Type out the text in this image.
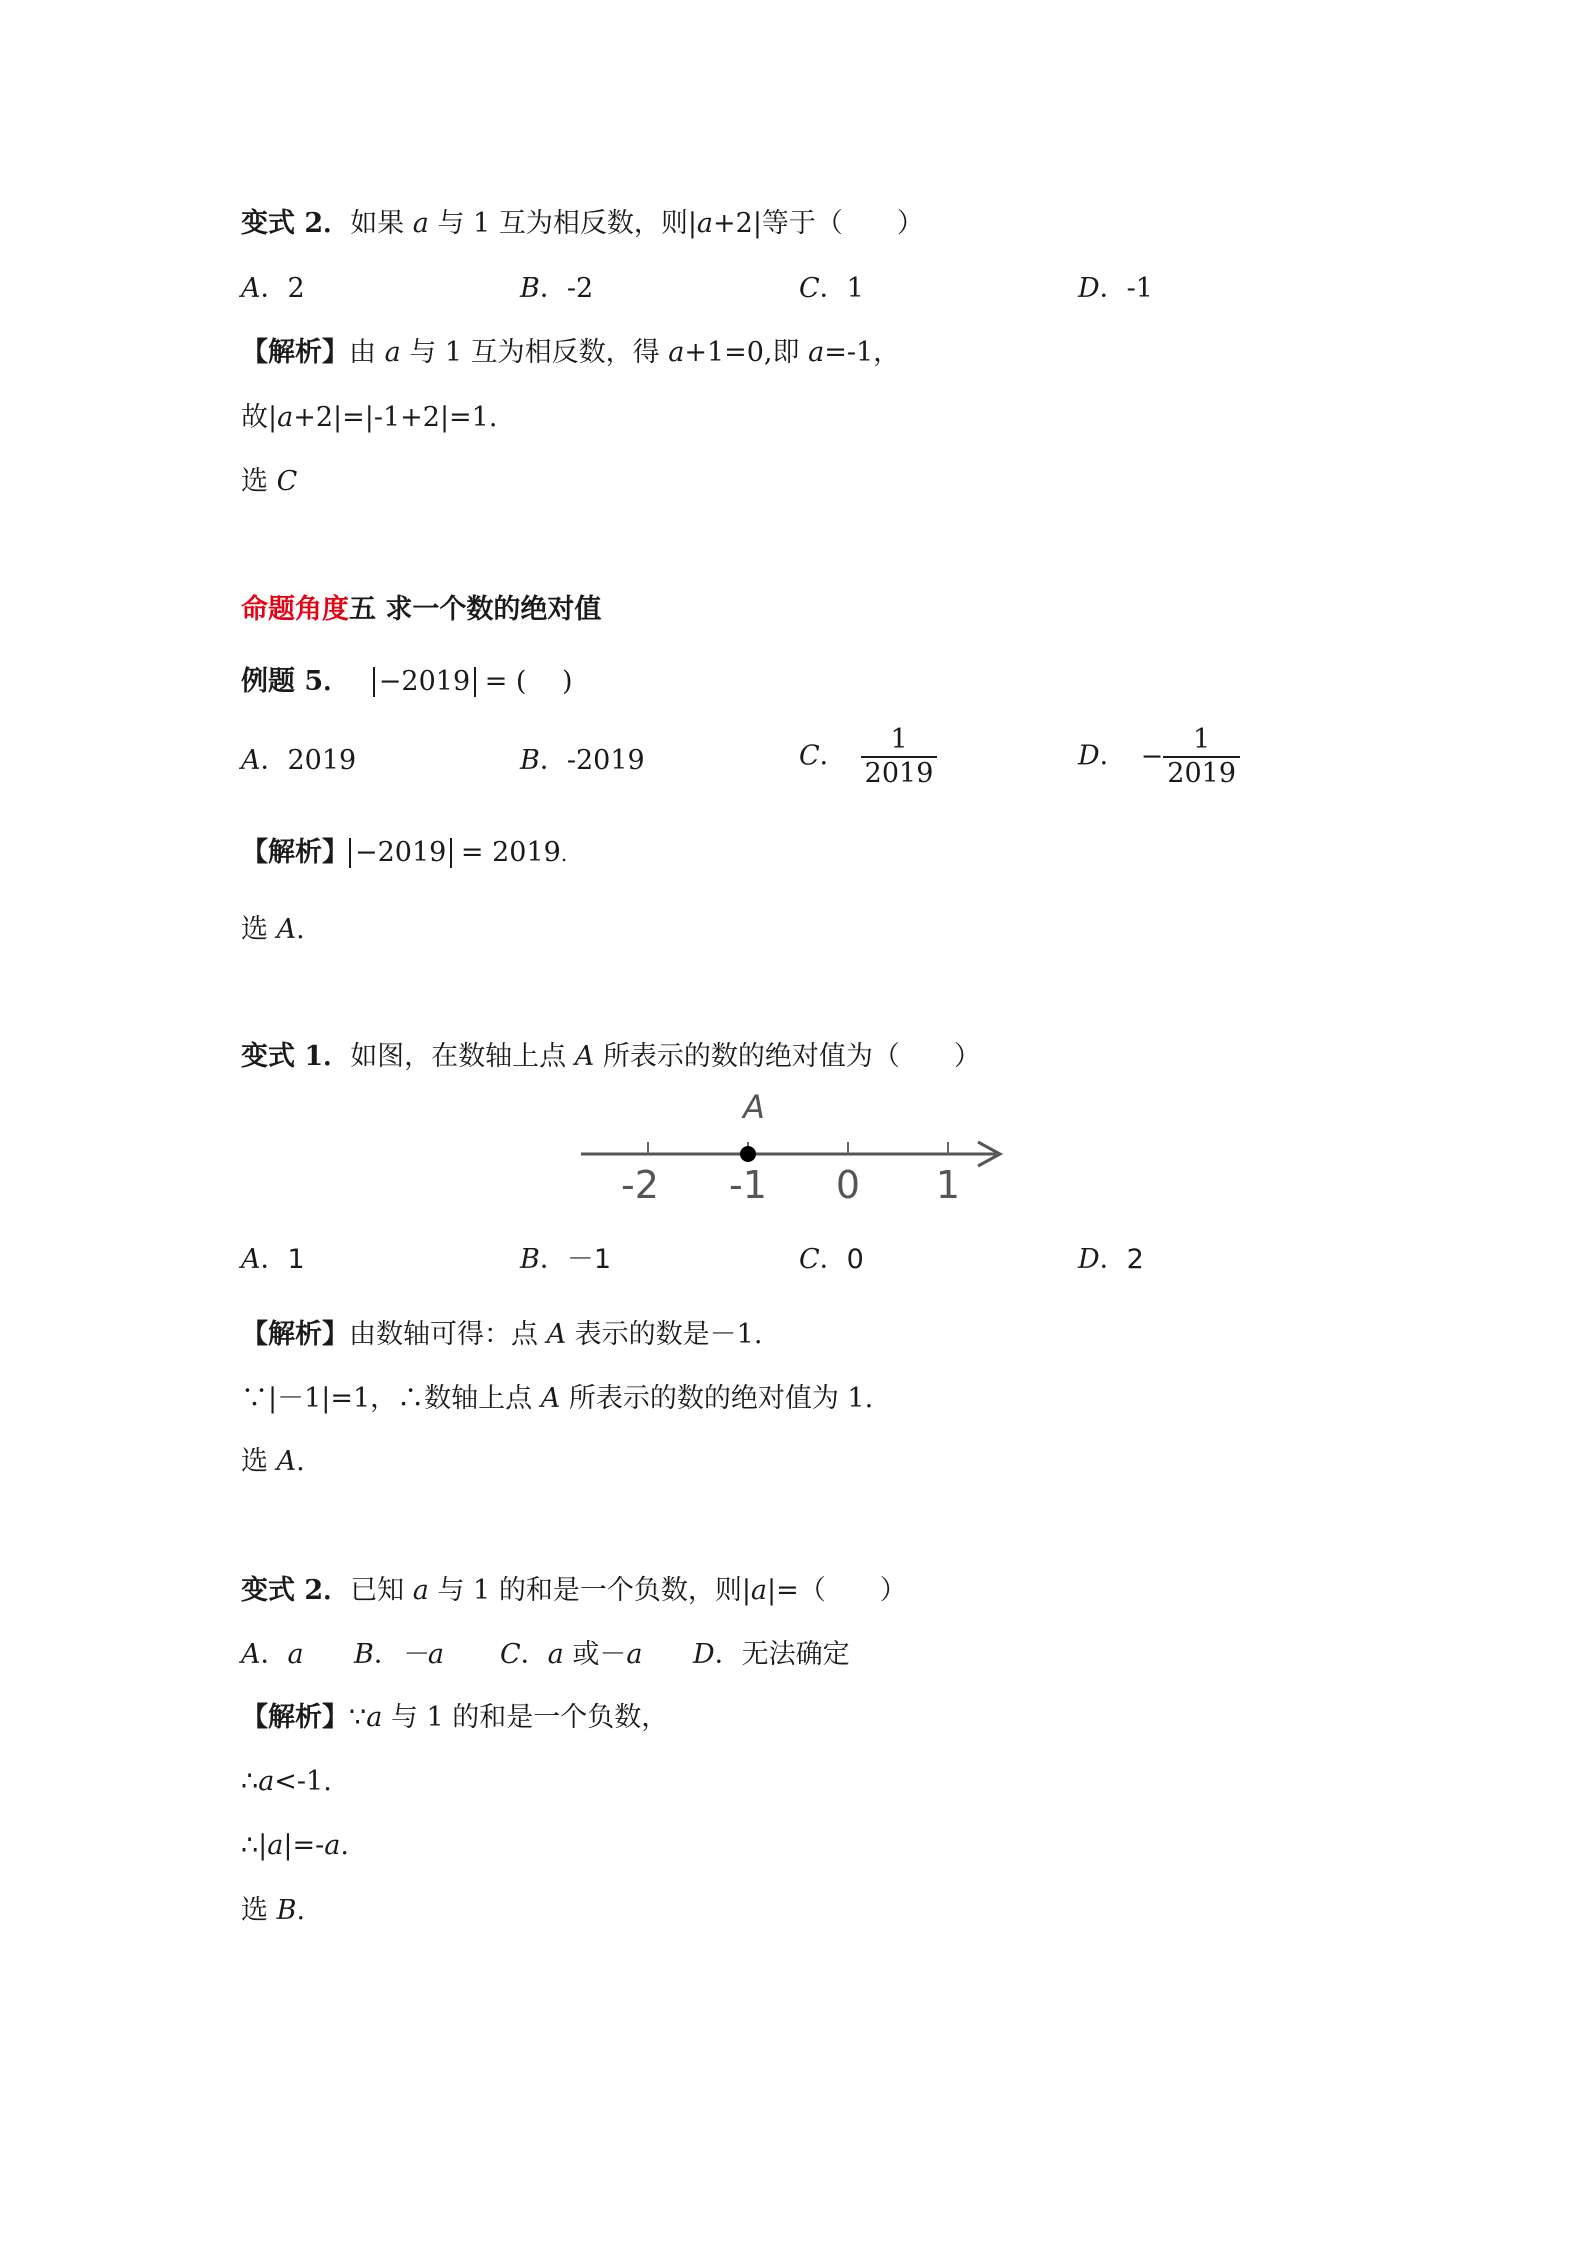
变式 2．如果 a 与 1 互为相反数，则|a+2|等于（　　）
A．2	B．-2	C．1	D．-1
【解析】由 a 与 1 互为相反数，得 a+1=0,即 a=-1，
故|a+2|=|-1+2|=1.
选 C
命题角度五 求一个数的绝对值
例题 5． −2019 = (　 )
A．2019	B．-2019	C． $\frac{1}{2019}$	D． − $\frac{1}{2019}$
【解析】 −2019 = 2019.
选 A.
变式 1．如图，在数轴上点 A 所表示的数的绝对值为（　　）
A
-2 -1 0 1
A．1	B．－1	C．0	D．2
【解析】由数轴可得：点 A 表示的数是－1.
∵|－1|=1，∴数轴上点 A 所表示的数的绝对值为 1.
选 A.
变式 2．已知 a 与 1 的和是一个负数，则|a|=（　　）
A．a B．－a C．a 或－a D．无法确定
【解析】∵a 与 1 的和是一个负数，
∴a<-1.
∴|a|=-a.
选 B.
